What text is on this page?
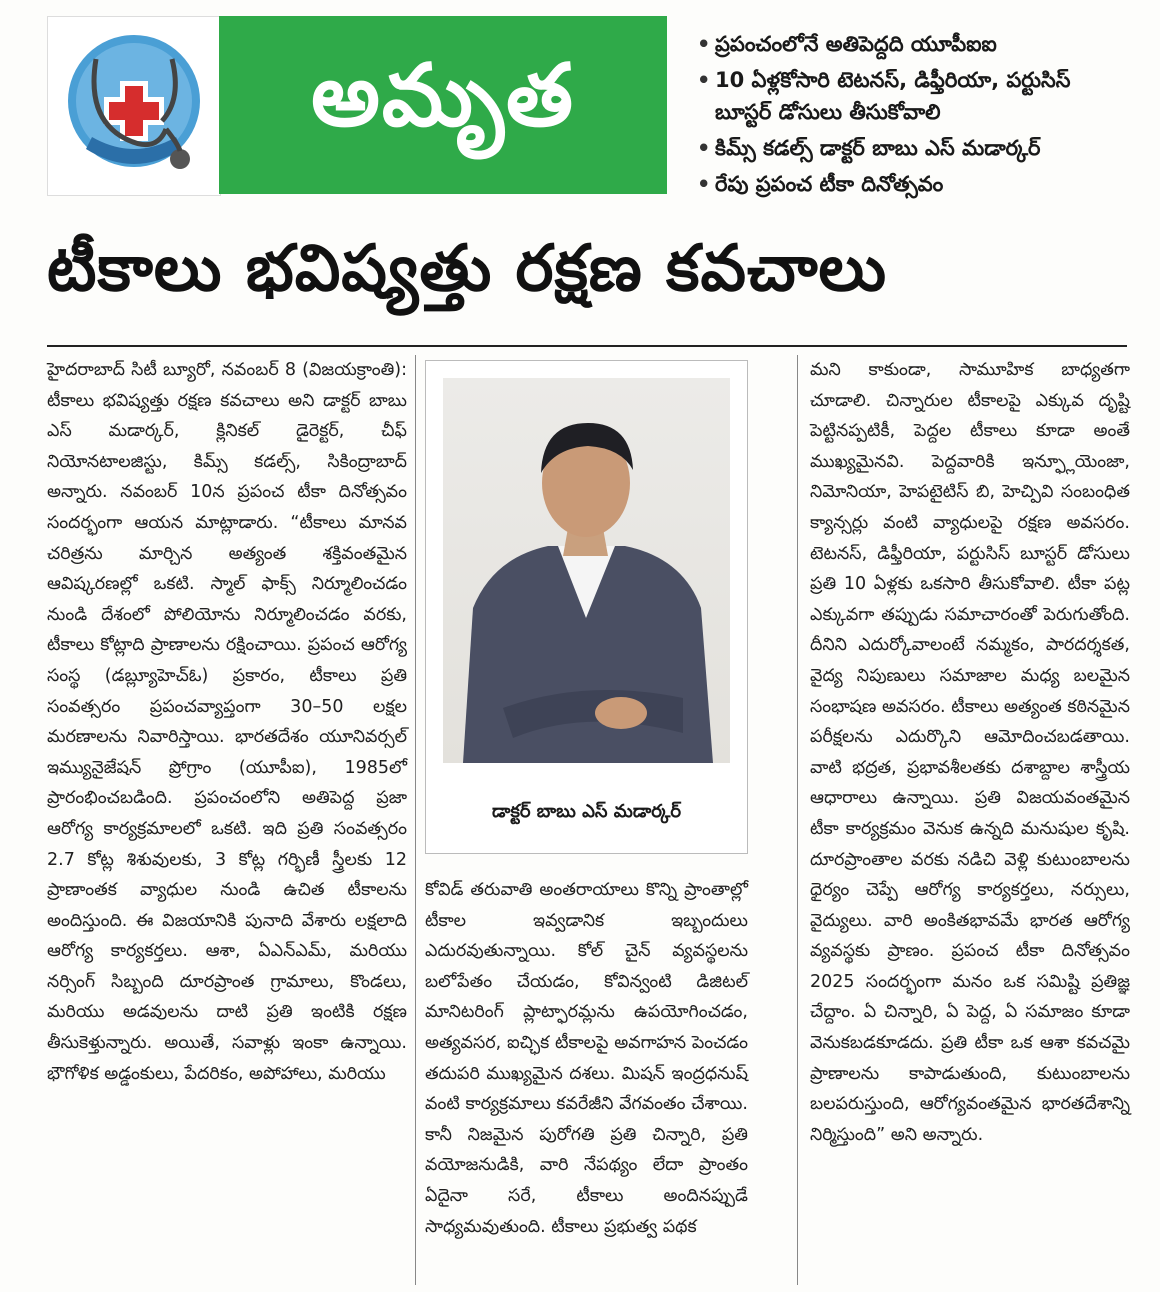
అమృత
• ప్రపంచంలోనే అతిపెద్దది యూపీఐఐ
• 10 ఏళ్లకోసారి టెటనస్, డిఫ్తీరియా, పర్టుసిస్ బూస్టర్ డోసులు తీసుకోవాలి
• కిమ్స్ కడల్స్ డాక్టర్ బాబు ఎస్ మడార్కర్
• రేపు ప్రపంచ టీకా దినోత్సవం
టీకాలు భవిష్యత్తు రక్షణ కవచాలు
హైదరాబాద్ సిటీ బ్యూరో, నవంబర్ 8 (విజయక్రాంతి): టీకాలు భవిష్యత్తు రక్షణ కవచాలు అని డాక్టర్ బాబు ఎస్ మడార్కర్, క్లినికల్ డైరెక్టర్, చీఫ్ నియోనటాలజిస్టు, కిమ్స్ కడల్స్, సికింద్రాబాద్ అన్నారు. నవంబర్ 10న ప్రపంచ టీకా దినోత్సవం సందర్భంగా ఆయన మాట్లాడారు. “టీకాలు మానవ చరిత్రను మార్చిన అత్యంత శక్తివంతమైన ఆవిష్కరణల్లో ఒకటి. స్మాల్ ఫాక్స్ నిర్మూలించడం నుండి దేశంలో పోలియోను నిర్మూలించడం వరకు, టీకాలు కోట్లాది ప్రాణాలను రక్షించాయి. ప్రపంచ ఆరోగ్య సంస్థ (డబ్ల్యూహెచ్ఓ) ప్రకారం, టీకాలు ప్రతి సంవత్సరం ప్రపంచవ్యాప్తంగా 30–50 లక్షల మరణాలను నివారిస్తాయి. భారతదేశం యూనివర్సల్ ఇమ్యునైజేషన్ ప్రోగ్రాం (యూపీఐ), 1985లో ప్రారంభించబడింది. ప్రపంచంలోని అతిపెద్ద ప్రజా ఆరోగ్య కార్యక్రమాలలో ఒకటి. ఇది ప్రతి సంవత్సరం 2.7 కోట్ల శిశువులకు, 3 కోట్ల గర్భిణీ స్త్రీలకు 12 ప్రాణాంతక వ్యాధుల నుండి ఉచిత టీకాలను అందిస్తుంది. ఈ విజయానికి పునాది వేశారు లక్షలాది ఆరోగ్య కార్యకర్తలు. ఆశా, ఏఎన్ఎమ్, మరియు నర్సింగ్ సిబ్బంది దూరప్రాంత గ్రామాలు, కొండలు, మరియు అడవులను దాటి ప్రతి ఇంటికి రక్షణ తీసుకెళ్తున్నారు. అయితే, సవాళ్లు ఇంకా ఉన్నాయి. భౌగోళిక అడ్డంకులు, పేదరికం, అపోహాలు, మరియు
డాక్టర్ బాబు ఎస్ మడార్కర్
కోవిడ్ తరువాతి అంతరాయాలు కొన్ని ప్రాంతాల్లో టీకాల ఇవ్వడానిక ఇబ్బందులు ఎదురవుతున్నాయి. కోల్ చైన్ వ్యవస్థలను బలోపేతం చేయడం, కోవిన్వంటి డిజిటల్ మానిటరింగ్ ప్లాట్ఫారమ్లను ఉపయోగించడం, అత్యవసర, ఐచ్ఛిక టీకాలపై అవగాహన పెంచడం తదుపరి ముఖ్యమైన దశలు. మిషన్ ఇంద్రధనుష్ వంటి కార్యక్రమాలు కవరేజీని వేగవంతం చేశాయి. కానీ నిజమైన పురోగతి ప్రతి చిన్నారి, ప్రతి వయోజనుడికి, వారి నేపథ్యం లేదా ప్రాంతం ఏదైనా సరే, టీకాలు అందినప్పుడే సాధ్యమవుతుంది. టీకాలు ప్రభుత్వ పథక
మని కాకుండా, సామూహిక బాధ్యతగా చూడాలి. చిన్నారుల టీకాలపై ఎక్కువ దృష్టి పెట్టినప్పటికీ, పెద్దల టీకాలు కూడా అంతే ముఖ్యమైనవి. పెద్దవారికి ఇన్ఫ్లూయెంజా, నిమోనియా, హెపటైటిస్ బి, హెచ్పివి సంబంధిత క్యాన్సర్లు వంటి వ్యాధులపై రక్షణ అవసరం. టెటనస్, డిఫ్తీరియా, పర్టుసిస్ బూస్టర్ డోసులు ప్రతి 10 ఏళ్లకు ఒకసారి తీసుకోవాలి. టీకా పట్ల ఎక్కువగా తప్పుడు సమాచారంతో పెరుగుతోంది. దీనిని ఎదుర్కోవాలంటే నమ్మకం, పారదర్శకత, వైద్య నిపుణులు సమాజాల మధ్య బలమైన సంభాషణ అవసరం. టీకాలు అత్యంత కఠినమైన పరీక్షలను ఎదుర్కొని ఆమోదించబడతాయి. వాటి భద్రత, ప్రభావశీలతకు దశాబ్దాల శాస్త్రీయ ఆధారాలు ఉన్నాయి. ప్రతి విజయవంతమైన టీకా కార్యక్రమం వెనుక ఉన్నది మనుషుల కృషి. దూరప్రాంతాల వరకు నడిచి వెళ్లి కుటుంబాలను ధైర్యం చెప్పే ఆరోగ్య కార్యకర్తలు, నర్సులు, వైద్యులు. వారి అంకితభావమే భారత ఆరోగ్య వ్యవస్థకు ప్రాణం. ప్రపంచ టీకా దినోత్సవం 2025 సందర్భంగా మనం ఒక సమిష్టి ప్రతిజ్ఞ చేద్దాం. ఏ చిన్నారి, ఏ పెద్ద, ఏ సమాజం కూడా వెనుకబడకూడదు. ప్రతి టీకా ఒక ఆశా కవచమై ప్రాణాలను కాపాడుతుంది, కుటుంబాలను బలపరుస్తుంది, ఆరోగ్యవంతమైన భారతదేశాన్ని నిర్మిస్తుంది” అని అన్నారు.
